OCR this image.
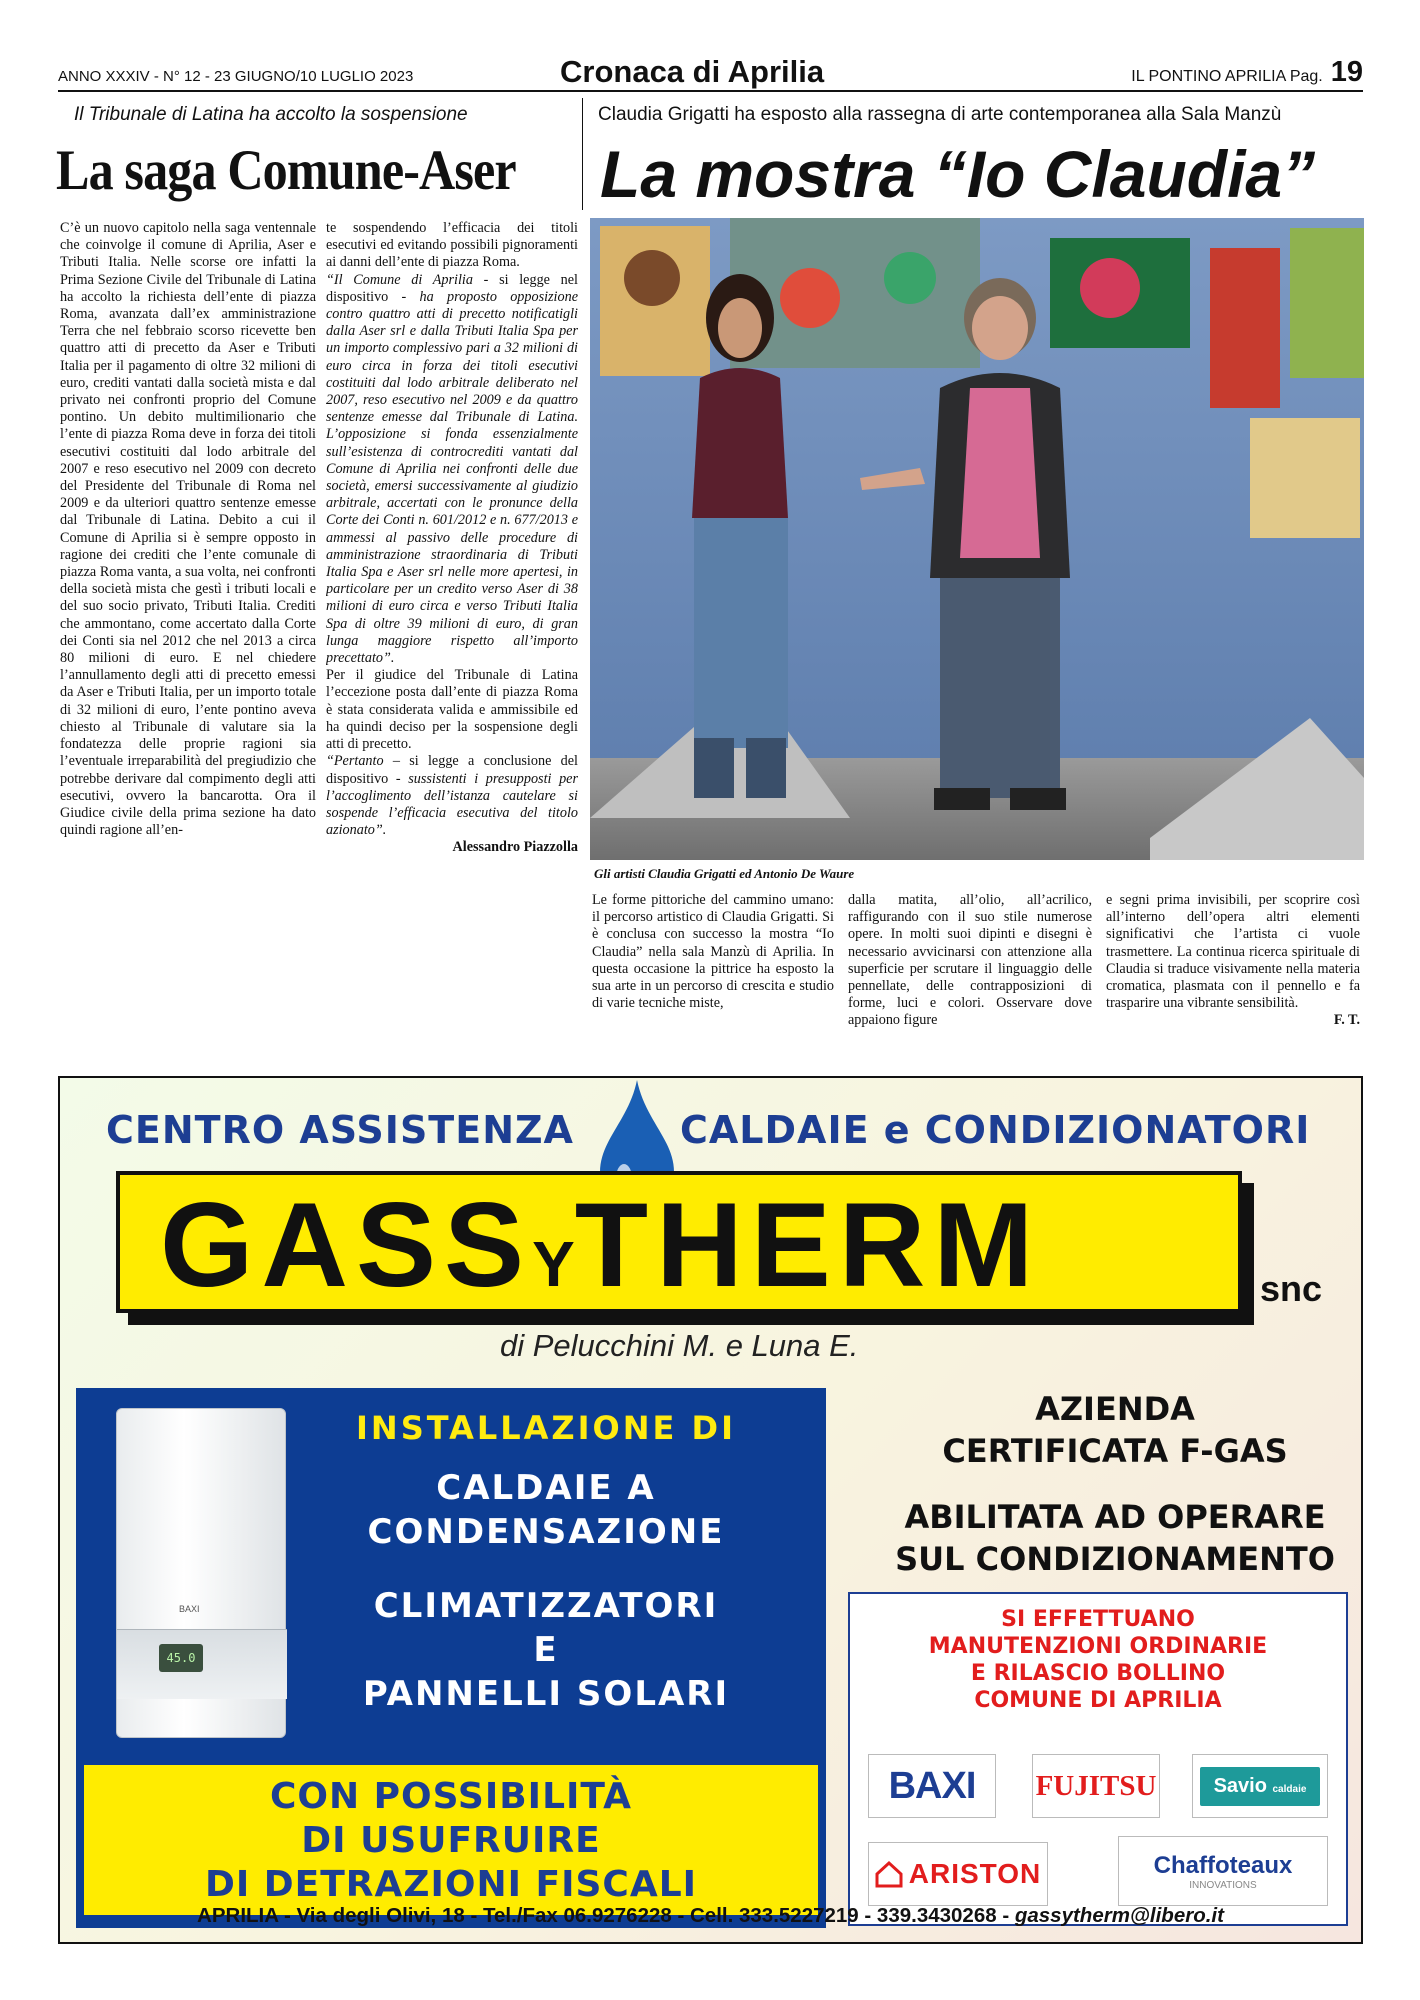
ANNO XXXIV - N° 12 - 23 GIUGNO/10 LUGLIO 2023	Cronaca di Aprilia	IL PONTINO APRILIA Pag. 19
Il Tribunale di Latina ha accolto la sospensione	Claudia Grigatti ha esposto alla rassegna di arte contemporanea alla Sala Manzù
La saga Comune-Aser La mostra “Io Claudia”

C’è un nuovo capitolo nella saga ventennale che coinvolge il comune di Aprilia, Aser e Tributi Italia. Nelle scorse ore infatti la Prima Sezione Civile del Tribunale di Latina ha accolto la richiesta dell’ente di piazza Roma, avanzata dall’ex amministrazione Terra che nel febbraio scorso ricevette ben quattro atti di precetto da Aser e Tributi Italia per il pagamento di oltre 32 milioni di euro, crediti vantati dalla società mista e dal privato nei confronti proprio del Comune pontino. Un debito multimilionario che l’ente di piazza Roma deve in forza dei titoli esecutivi costituiti dal lodo arbitrale del 2007 e reso esecutivo nel 2009 con decreto del Presidente del Tribunale di Roma nel 2009 e da ulteriori quattro sentenze emesse dal Tribunale di Latina. Debito a cui il Comune di Aprilia si è sempre opposto in ragione dei crediti che l’ente comunale di piazza Roma vanta, a sua volta, nei confronti della società mista che gestì i tributi locali e del suo socio privato, Tributi Italia. Crediti che ammontano, come accertato dalla Corte dei Conti sia nel 2012 che nel 2013 a circa 80 milioni di euro. E nel chiedere l’annullamento degli atti di precetto emessi da Aser e Tributi Italia, per un importo totale di 32 milioni di euro, l’ente pontino aveva chiesto al Tribunale di valutare sia la fondatezza delle proprie ragioni sia l’eventuale irreparabilità del pregiudizio che potrebbe derivare dal compimento degli atti esecutivi, ovvero la bancarotta. Ora il Giudice civile della prima sezione ha dato quindi ragione all’en-

te sospendendo l’efficacia dei titoli esecutivi ed evitando possibili pignoramenti ai danni dell’ente di piazza Roma.

“Il Comune di Aprilia - si legge nel dispositivo - ha proposto opposizione contro quattro atti di precetto notificatigli dalla Aser srl e dalla Tributi Italia Spa per un importo complessivo pari a 32 milioni di euro circa in forza dei titoli esecutivi costituiti dal lodo arbitrale deliberato nel 2007, reso esecutivo nel 2009 e da quattro sentenze emesse dal Tribunale di Latina. L’opposizione si fonda essenzialmente sull’esistenza di controcrediti vantati dal Comune di Aprilia nei confronti delle due società, emersi successivamente al giudizio arbitrale, accertati con le pronunce della Corte dei Conti n. 601/2012 e n. 677/2013 e ammessi al passivo delle procedure di amministrazione straordinaria di Tributi Italia Spa e Aser srl nelle more apertesi, in particolare per un credito verso Aser di 38 milioni di euro circa e verso Tributi Italia Spa di oltre 39 milioni di euro, di gran lunga maggiore rispetto all’importo precettato”.

Per il giudice del Tribunale di Latina l’eccezione posta dall’ente di piazza Roma è stata considerata valida e ammissibile ed ha quindi deciso per la sospensione degli atti di precetto.

“Pertanto – si legge a conclusione del dispositivo - sussistenti i presupposti per l’accoglimento dell’istanza cautelare si sospende l’efficacia esecutiva del titolo azionato”.

Alessandro Piazzolla

Gli artisti Claudia Grigatti ed Antonio De Waure

Le forme pittoriche del cammino umano: il percorso artistico di Claudia Grigatti. Si è conclusa con successo la mostra “Io Claudia” nella sala Manzù di Aprilia. In questa occasione la pittrice ha esposto la sua arte in un percorso di crescita e studio di varie tecniche miste,

dalla matita, all’olio, all’acrilico, raffigurando con il suo stile numerose opere. In molti suoi dipinti e disegni è necessario avvicinarsi con attenzione alla superficie per scrutare il linguaggio delle pennellate, delle contrapposizioni di forme, luci e colori. Osservare dove appaiono figure

e segni prima invisibili, per scoprire così all’interno dell’opera altri elementi significativi che l’artista ci vuole trasmettere. La continua ricerca spirituale di Claudia si traduce visivamente nella materia cromatica, plasmata con il pennello e fa trasparire una vibrante sensibilità.

F. T.

CENTRO ASSISTENZA	CALDAIE e CONDIZIONATORI
GASSYTHERM	snc
di Pelucchini M. e Luna E.
BAXI
45.0
INSTALLAZIONE DI
CALDAIE A
CONDENSAZIONE
CLIMATIZZATORI
E
PANNELLI SOLARI
CON POSSIBILITÀ
DI USUFRUIRE
DI DETRAZIONI FISCALI
AZIENDA
CERTIFICATA F-GAS
ABILITATA AD OPERARE
SUL CONDIZIONAMENTO
SI EFFETTUANO
MANUTENZIONI ORDINARIE
E RILASCIO BOLLINO
COMUNE DI APRILIA
BAXI	FUJITSU	Savio caldaie
ARISTON	Chaffoteaux
INNOVATIONS
APRILIA - Via degli Olivi, 18 - Tel./Fax 06.9276228 - Cell. 333.5227219 - 339.3430268 - gassytherm@libero.it
